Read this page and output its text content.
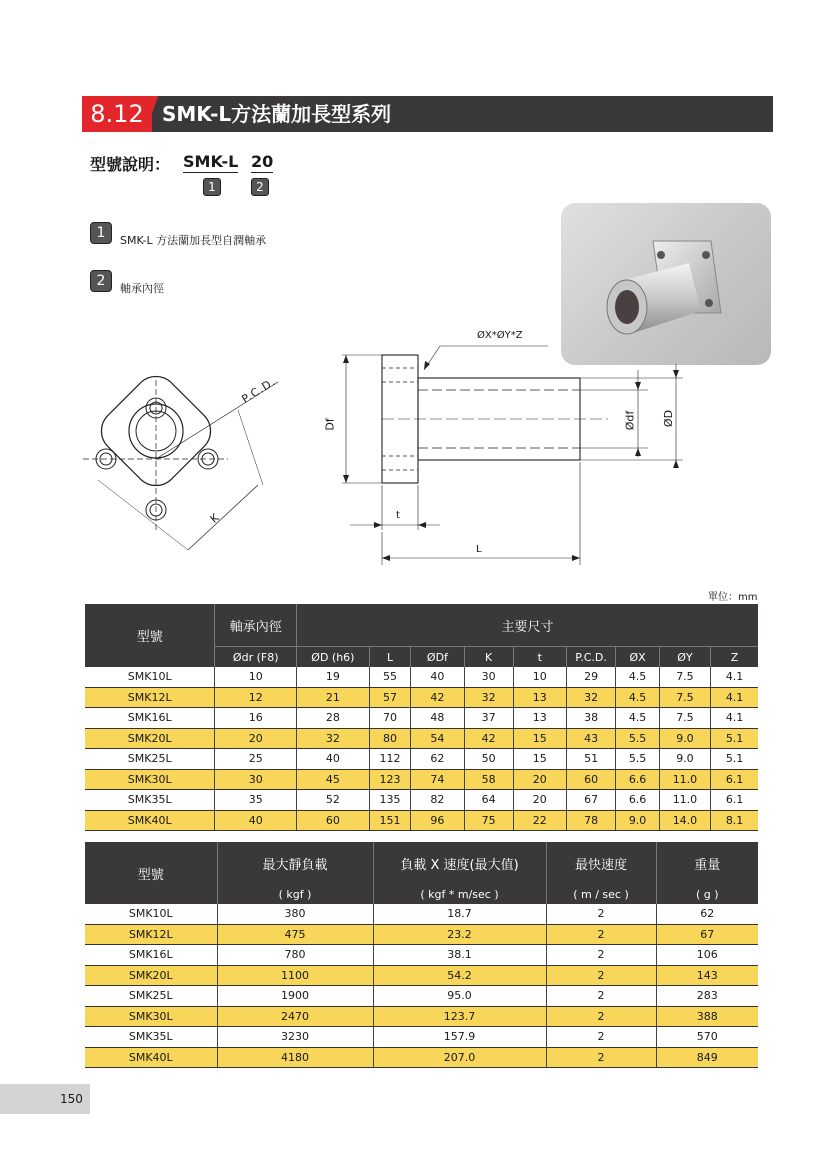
8.12 SMK-L方法蘭加長型系列
型號說明： SMK-L 20
1	2
1	SMK-L 方法蘭加長型自潤軸承
2	軸承內徑
P.C.D.
K
ØX*ØY*Z
Df	Ødf ØD
t
L
單位：mm
型號	軸承內徑	主要尺寸								
	Ødr (F8)	ØD (h6)	L	ØDf	K	t	P.C.D.	ØX	ØY	Z
SMK10L	10	19	55	40	30	10	29	4.5	7.5	4.1
SMK12L	12	21	57	42	32	13	32	4.5	7.5	4.1
SMK16L	16	28	70	48	37	13	38	4.5	7.5	4.1
SMK20L	20	32	80	54	42	15	43	5.5	9.0	5.1
SMK25L	25	40	112	62	50	15	51	5.5	9.0	5.1
SMK30L	30	45	123	74	58	20	60	6.6	11.0	6.1
SMK35L	35	52	135	82	64	20	67	6.6	11.0	6.1
SMK40L	40	60	151	96	75	22	78	9.0	14.0	8.1
型號	最大靜負載	負載 X 速度(最大值)	最快速度	重量
	( kgf )	( kgf * m/sec )	( m / sec )	( g )
SMK10L	380	18.7	2	62
SMK12L	475	23.2	2	67
SMK16L	780	38.1	2	106
SMK20L	1100	54.2	2	143
SMK25L	1900	95.0	2	283
SMK30L	2470	123.7	2	388
SMK35L	3230	157.9	2	570
SMK40L	4180	207.0	2	849
150
